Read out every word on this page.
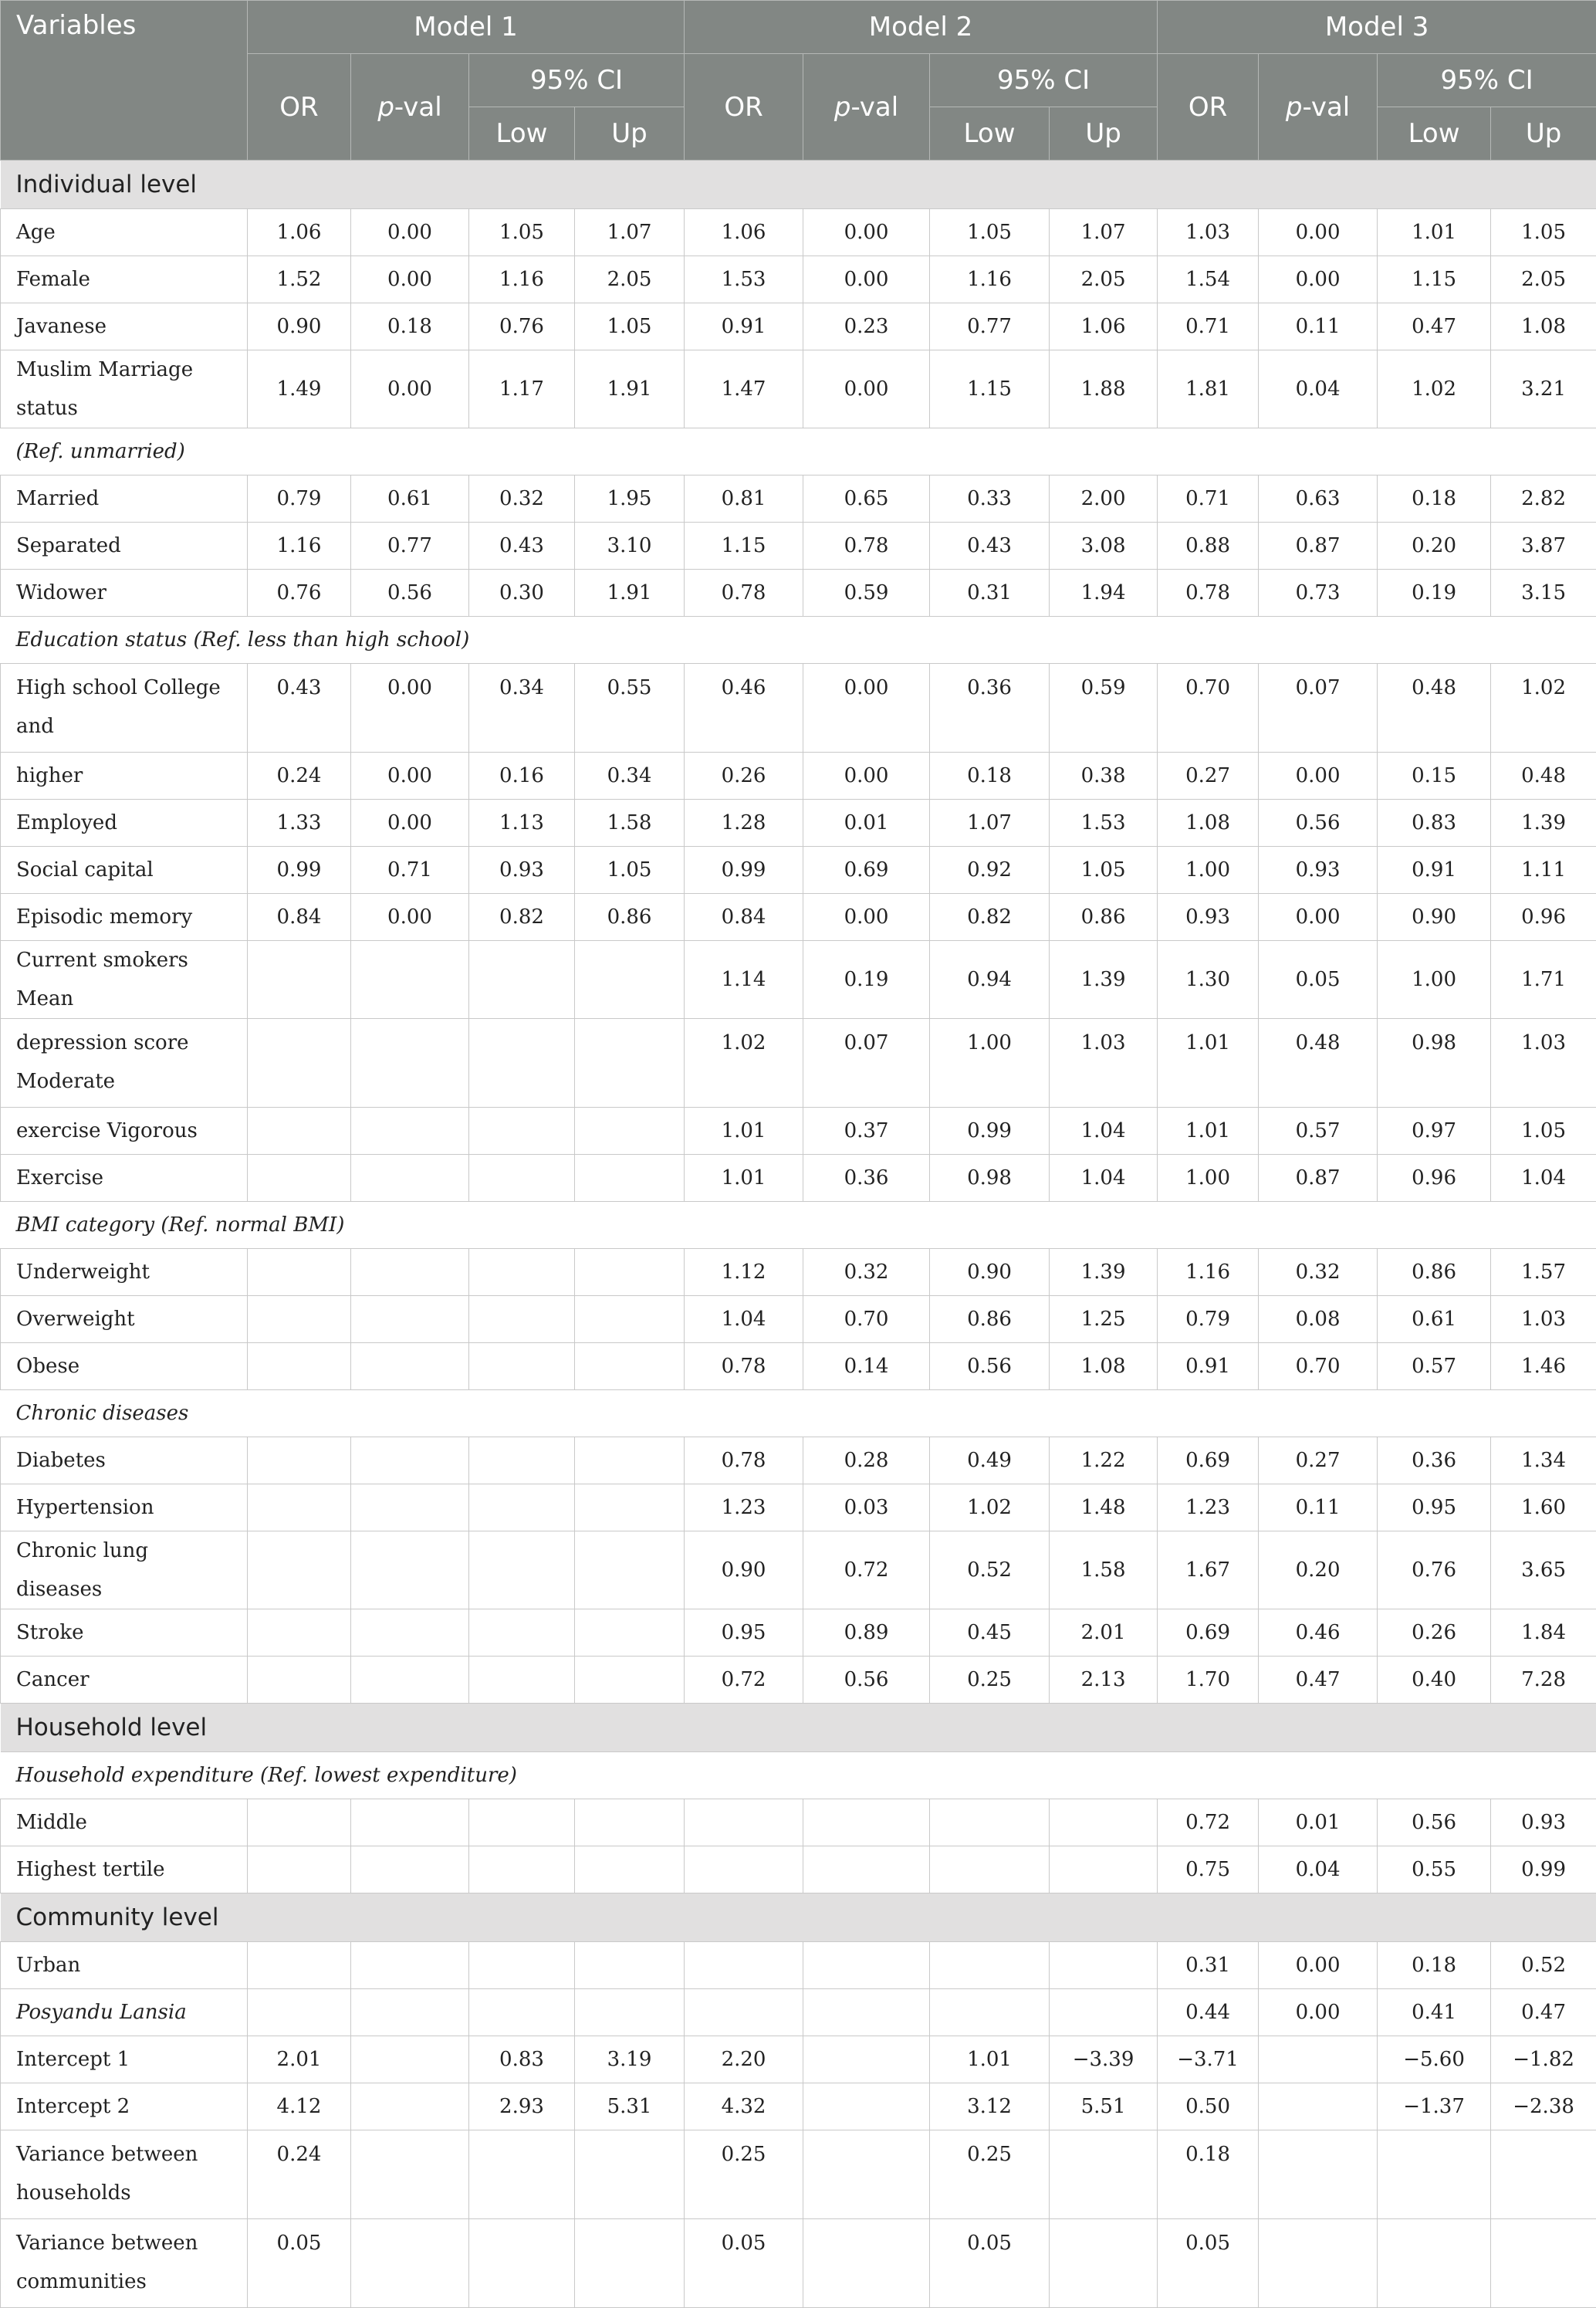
Variables	Model 1				Model 2				Model 3			
	OR	p-val	95% CI		OR	p-val	95% CI		OR	p-val	95% CI	
			Low	Up			Low	Up			Low	Up
Individual level												
Age	1.06	0.00	1.05	1.07	1.06	0.00	1.05	1.07	1.03	0.00	1.01	1.05
Female	1.52	0.00	1.16	2.05	1.53	0.00	1.16	2.05	1.54	0.00	1.15	2.05
Javanese	0.90	0.18	0.76	1.05	0.91	0.23	0.77	1.06	0.71	0.11	0.47	1.08
Muslim Marriage status	1.49	0.00	1.17	1.91	1.47	0.00	1.15	1.88	1.81	0.04	1.02	3.21
(Ref. unmarried)												
Married	0.79	0.61	0.32	1.95	0.81	0.65	0.33	2.00	0.71	0.63	0.18	2.82
Separated	1.16	0.77	0.43	3.10	1.15	0.78	0.43	3.08	0.88	0.87	0.20	3.87
Widower	0.76	0.56	0.30	1.91	0.78	0.59	0.31	1.94	0.78	0.73	0.19	3.15
Education status (Ref. less than high school)												
High school College and	0.43	0.00	0.34	0.55	0.46	0.00	0.36	0.59	0.70	0.07	0.48	1.02
higher	0.24	0.00	0.16	0.34	0.26	0.00	0.18	0.38	0.27	0.00	0.15	0.48
Employed	1.33	0.00	1.13	1.58	1.28	0.01	1.07	1.53	1.08	0.56	0.83	1.39
Social capital	0.99	0.71	0.93	1.05	0.99	0.69	0.92	1.05	1.00	0.93	0.91	1.11
Episodic memory	0.84	0.00	0.82	0.86	0.84	0.00	0.82	0.86	0.93	0.00	0.90	0.96
Current smokers Mean					1.14	0.19	0.94	1.39	1.30	0.05	1.00	1.71
depression score Moderate					1.02	0.07	1.00	1.03	1.01	0.48	0.98	1.03
exercise Vigorous					1.01	0.37	0.99	1.04	1.01	0.57	0.97	1.05
Exercise					1.01	0.36	0.98	1.04	1.00	0.87	0.96	1.04
BMI category (Ref. normal BMI)												
Underweight					1.12	0.32	0.90	1.39	1.16	0.32	0.86	1.57
Overweight					1.04	0.70	0.86	1.25	0.79	0.08	0.61	1.03
Obese					0.78	0.14	0.56	1.08	0.91	0.70	0.57	1.46
Chronic diseases												
Diabetes					0.78	0.28	0.49	1.22	0.69	0.27	0.36	1.34
Hypertension					1.23	0.03	1.02	1.48	1.23	0.11	0.95	1.60
Chronic lung diseases					0.90	0.72	0.52	1.58	1.67	0.20	0.76	3.65
Stroke					0.95	0.89	0.45	2.01	0.69	0.46	0.26	1.84
Cancer					0.72	0.56	0.25	2.13	1.70	0.47	0.40	7.28
Household level												
Household expenditure (Ref. lowest expenditure)												
Middle									0.72	0.01	0.56	0.93
Highest tertile									0.75	0.04	0.55	0.99
Community level												
Urban									0.31	0.00	0.18	0.52
Posyandu Lansia									0.44	0.00	0.41	0.47
Intercept 1	2.01		0.83	3.19	2.20		1.01	−3.39	−3.71		−5.60	−1.82
Intercept 2	4.12		2.93	5.31	4.32		3.12	5.51	0.50		−1.37	−2.38
Variance between households	0.24				0.25		0.25		0.18			
Variance between communities	0.05				0.05		0.05		0.05			
